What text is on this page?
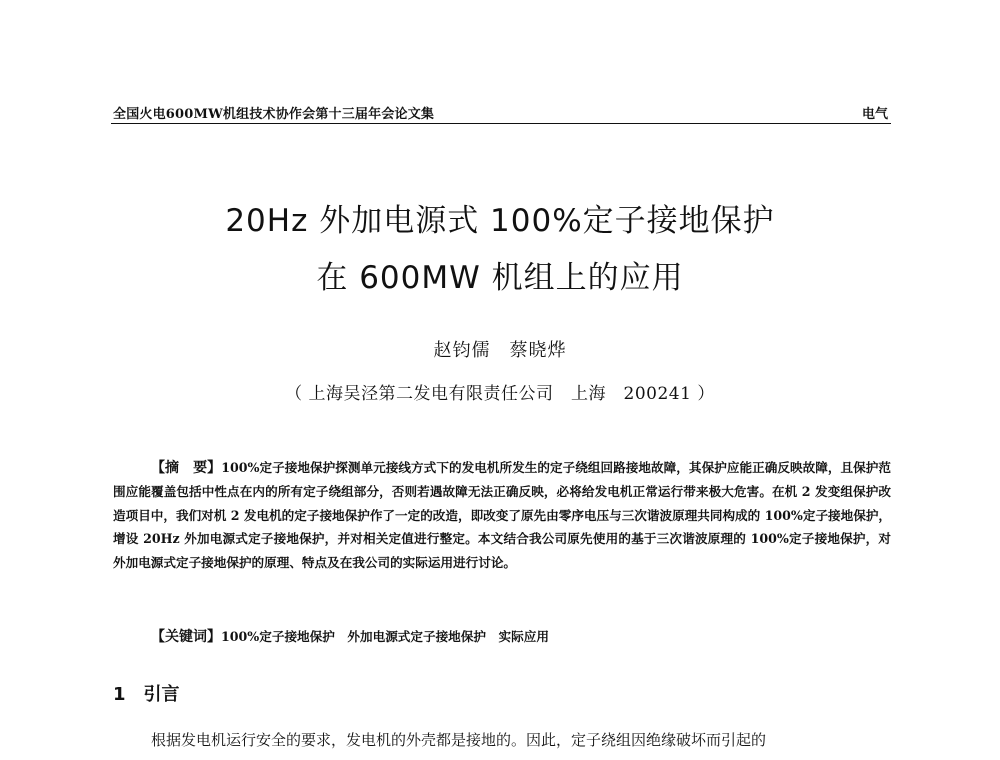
全国火电600MW机组技术协作会第十三届年会论文集	电气
20Hz 外加电源式 100%定子接地保护
在 600MW 机组上的应用
赵钧儒　蔡晓烨
（ 上海吴泾第二发电有限责任公司　上海　200241 ）

【摘　要】100%定子接地保护探测单元接线方式下的发电机所发生的定子绕组回路接地故障，其保护应能正确反映故障，且保护范围应能覆盖包括中性点在内的所有定子绕组部分，否则若遇故障无法正确反映，必将给发电机正常运行带来极大危害。在机 2 发变组保护改造项目中，我们对机 2 发电机的定子接地保护作了一定的改造，即改变了原先由零序电压与三次谐波原理共同构成的 100%定子接地保护，增设 20Hz 外加电源式定子接地保护，并对相关定值进行整定。本文结合我公司原先使用的基于三次谐波原理的 100%定子接地保护，对外加电源式定子接地保护的原理、特点及在我公司的实际运用进行讨论。

【关键词】100%定子接地保护　外加电源式定子接地保护　实际应用
1 引言
根据发电机运行安全的要求，发电机的外壳都是接地的。因此，定子绕组因绝缘破坏而引起的
